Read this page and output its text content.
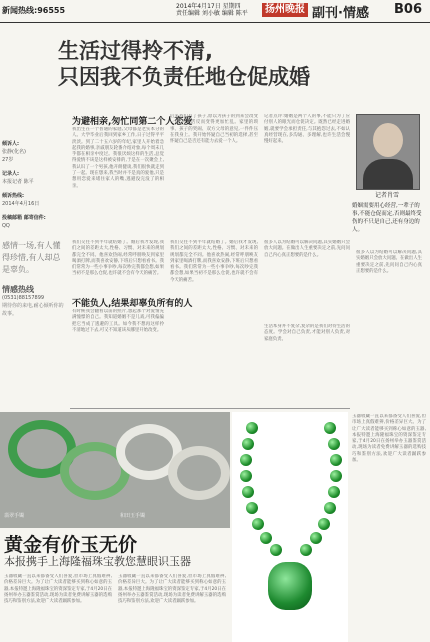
新闻热线:96555	2014年4月17日 星期四
责任编辑 刘小敏 编辑 陈平	扬州晚报 副刊·情感 B06
生活过得拎不清,
只因我不负责任地仓促成婚
倾诉人:
张静(化名)
27岁
记录人:
本报记者 陈平
倾诉热线:
2014年4月16日
投稿邮箱 邮寄信件:
QQ
感情一场,有人懂得珍惜,有人却总是辜负。
情感热线
(0531)88157899
期待你的来电,耐心倾听你的故事。
为避相亲,匆忙同第二个人恋爱

我出生在一个普通的家庭,父母都是老实本分的人。大学毕业后我回到家乡工作,日子过得平平淡淡。到了二十五六岁的年纪,家里人开始着急起我的婚事,亲戚朋友轮番介绍对象,每个周末几乎都在相亲中度过。我很厌烦这样的生活,总觉得爱情不该是这样被安排的,于是在一次聚会上,我认识了一个男孩,他开朗健谈,我们很快就走到了一起。现在想来,我当时并不是真的爱他,只是想用恋爱来堵住家人的嘴,逃避没完没了的相亲。

我们交往不到半年就结婚了。婚后我才发现,我们之间的差距太大,性格、习惯、对未来的规划都完全不同。他喜欢热闹,经常呼朋唤友到家里喝酒打牌,而我喜欢安静,下班后只想看看书。我们常常为一些小事争吵,每次吵完我都会想,如果当初不是那么仓促,也许就不会有今天的痛苦。

不能负人,结果却辜负所有的人

有时候我会翻看以前的照片,想起那个对爱情充满憧憬的自己。我知道婚姻不是儿戏,可我偏偏把它当成了逃避的工具。如今我不想再这样拎不清地过下去,可又不知道该从哪里开始改变。

后来我们有了孩子,原以为孩子的到来会改变一切,可生活反而变得更加忙乱。家里的琐事、孩子的哭闹、双方父母的意见,一件件压在我身上。我开始怀疑自己当初的选择,甚至怀疑自己是否还有能力去爱一个人。

我们交往不到半年就结婚了。婚后我才发现,我们之间的差距太大,性格、习惯、对未来的规划都完全不同。他喜欢热闹,经常呼朋唤友到家里喝酒打牌,而我喜欢安静,下班后只想看看书。我们常常为一些小事争吵,每次吵完我都会想,如果当初不是那么仓促,也许就不会有今天的痛苦。

记者点评:婚姻是两个人的事,不能只为了应付别人的眼光而仓促决定。既然已经走进婚姻,就要学会承担责任,与其抱怨过去,不如认真经营现在,多沟通、多理解,也许生活会慢慢好起来。

很多人以为结婚可以解决问题,其实婚姻只会放大问题。在做出人生重要决定之前,先问问自己内心真正想要的是什么。

生活本身并不复杂,复杂的是我们对待生活的态度。学会对自己负责,才能对别人负责,对家庭负责。

记者肖雪
婚姻需要用心经营,一辈子的事,不能仓促而定,否则最终受伤的不只是自己,还有身边的人。

很多人以为结婚可以解决问题,其实婚姻只会放大问题。在做出人生重要决定之前,先问问自己内心真正想要的是什么。

翡翠手镯	和田玉手镯
黄金有价玉无价
本报携手上海隆福珠宝教您慧眼识玉器

玉器收藏一直以来都备受人们喜爱,但市场上真假难辨,价格差异巨大。为了让广大读者能够买到称心如意的玉器,本报特邀上海隆福珠宝的资深鉴定专家,于4月20日在扬州举办玉器鉴赏活动,现场为读者免费讲解玉器的选购技巧和鉴别方法,欢迎广大读者踊跃参加。

玉器收藏一直以来都备受人们喜爱,但市场上真假难辨,价格差异巨大。为了让广大读者能够买到称心如意的玉器,本报特邀上海隆福珠宝的资深鉴定专家,于4月20日在扬州举办玉器鉴赏活动,现场为读者免费讲解玉器的选购技巧和鉴别方法,欢迎广大读者踊跃参加。

玉器收藏一直以来都备受人们喜爱,但市场上真假难辨,价格差异巨大。为了让广大读者能够买到称心如意的玉器,本报特邀上海隆福珠宝的资深鉴定专家,于4月20日在扬州举办玉器鉴赏活动,现场为读者免费讲解玉器的选购技巧和鉴别方法,欢迎广大读者踊跃参加。
